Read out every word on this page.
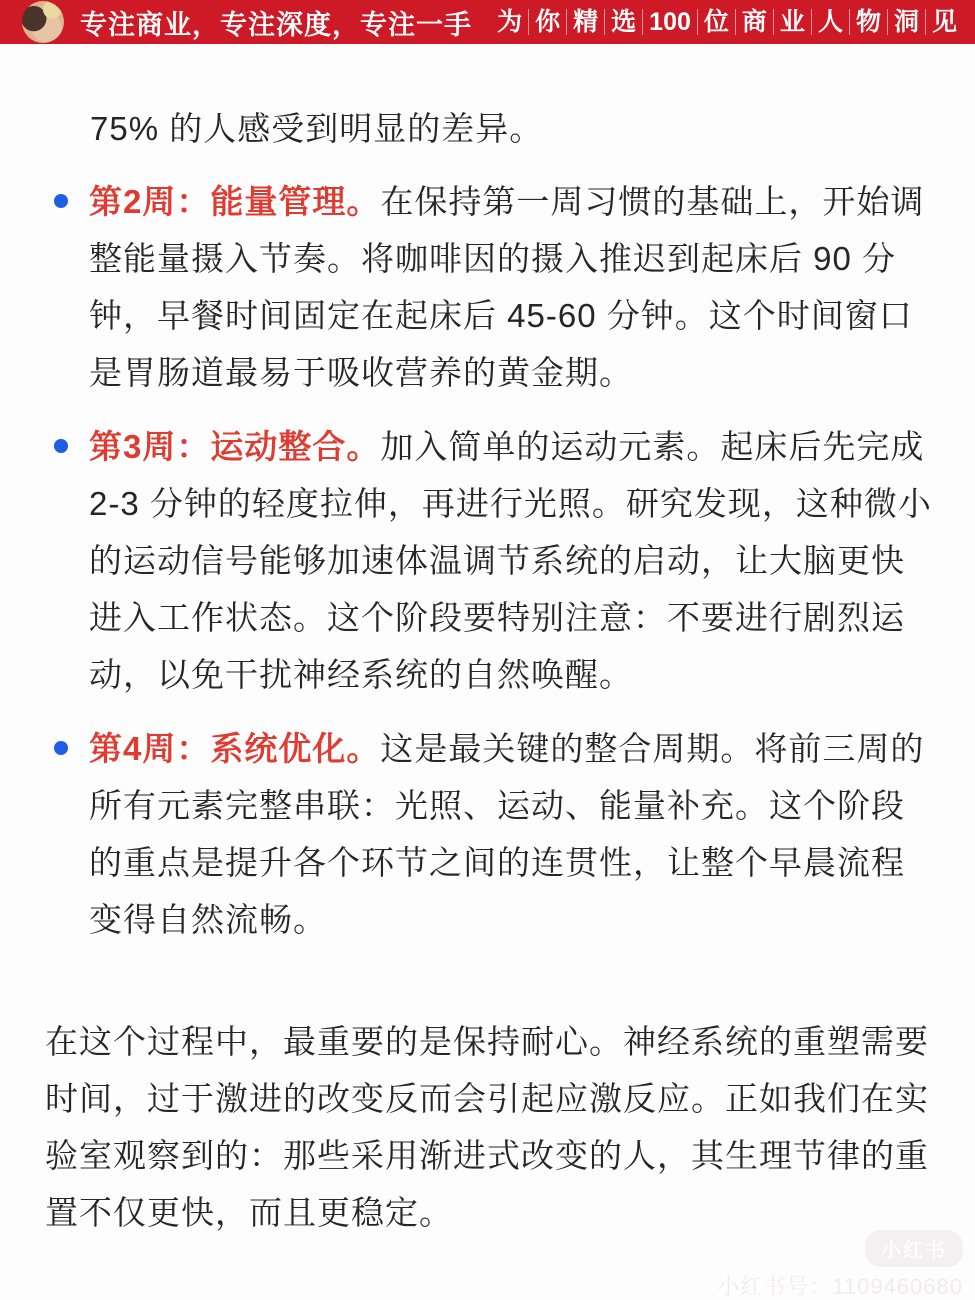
专注商业，专注深度，专注一手 为 你 精 选 100 位 商 业 人 物 洞 见
75% 的人感受到明显的差异。
第2周：能量管理。在保持第一周习惯的基础上，开始调整能量摄入节奏。将咖啡因的摄入推迟到起床后 90 分钟，早餐时间固定在起床后 45-60 分钟。这个时间窗口是胃肠道最易于吸收营养的黄金期。
第3周：运动整合。加入简单的运动元素。起床后先完成 2-3 分钟的轻度拉伸，再进行光照。研究发现，这种微小的运动信号能够加速体温调节系统的启动，让大脑更快进入工作状态。这个阶段要特别注意：不要进行剧烈运动，以免干扰神经系统的自然唤醒。
第4周：系统优化。这是最关键的整合周期。将前三周的所有元素完整串联：光照、运动、能量补充。这个阶段的重点是提升各个环节之间的连贯性，让整个早晨流程变得自然流畅。
在这个过程中，最重要的是保持耐心。神经系统的重塑需要时间，过于激进的改变反而会引起应激反应。正如我们在实验室观察到的：那些采用渐进式改变的人，其生理节律的重置不仅更快，而且更稳定。
小红书
小红书号：1109460680
